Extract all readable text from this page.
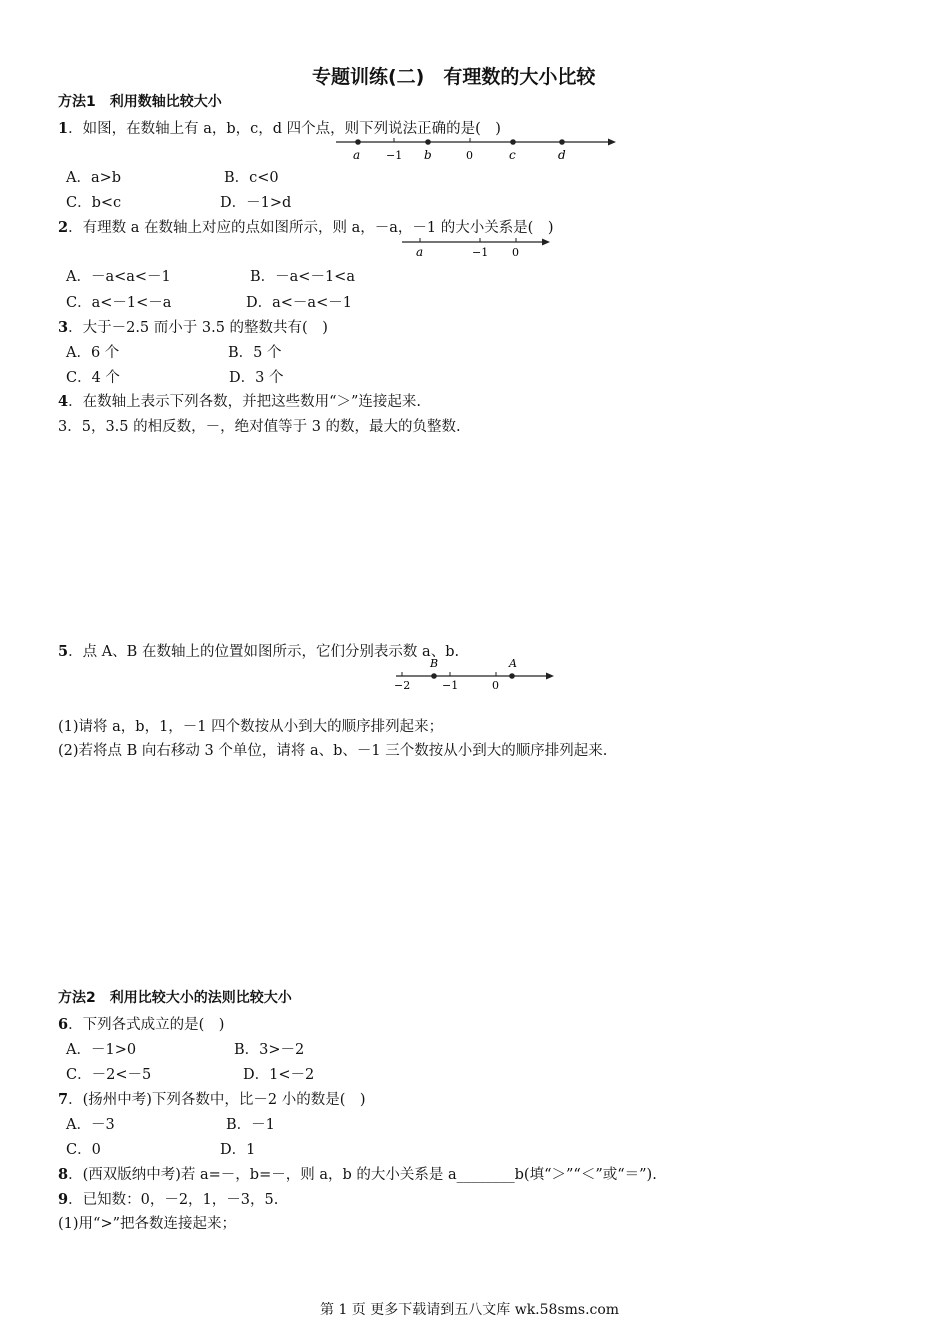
专题训练(二)　有理数的大小比较
方法1　利用数轴比较大小
1．如图，在数轴上有 a，b，c，d 四个点，则下列说法正确的是(　)
a −1 b	0	c	d
A．a>b	B．c<0
C．b<c	D．－1>d
2．有理数 a 在数轴上对应的点如图所示，则 a，－a，－1 的大小关系是(　)
a	−1 0
A．－a<a<－1	B．－a<－1<a
C．a<－1<－a	D．a<－a<－1
3．大于－2.5 而小于 3.5 的整数共有(　)
A．6 个	B．5 个
C．4 个	D．3 个
4．在数轴上表示下列各数，并把这些数用“＞”连接起来.
3．5，3.5 的相反数，－，绝对值等于 3 的数，最大的负整数.
5．点 A、B 在数轴上的位置如图所示，它们分别表示数 a、b.
B	A
−2	−1	0
(1)请将 a，b，1，－1 四个数按从小到大的顺序排列起来；
(2)若将点 B 向右移动 3 个单位，请将 a、b、－1 三个数按从小到大的顺序排列起来.
方法2　利用比较大小的法则比较大小
6．下列各式成立的是(　)
A．－1>0	B．3>－2
C．－2<－5	D．1<－2
7．(扬州中考)下列各数中，比－2 小的数是(　)
A．－3	B．－1
C．0	D．1
8．(西双版纳中考)若 a=－，b=－，则 a，b 的大小关系是 a________b(填“＞”“＜”或“＝”).
9．已知数：0，－2，1，－3，5.
(1)用“>”把各数连接起来；
第 1 页 更多下载请到五八文库 wk.58sms.com
